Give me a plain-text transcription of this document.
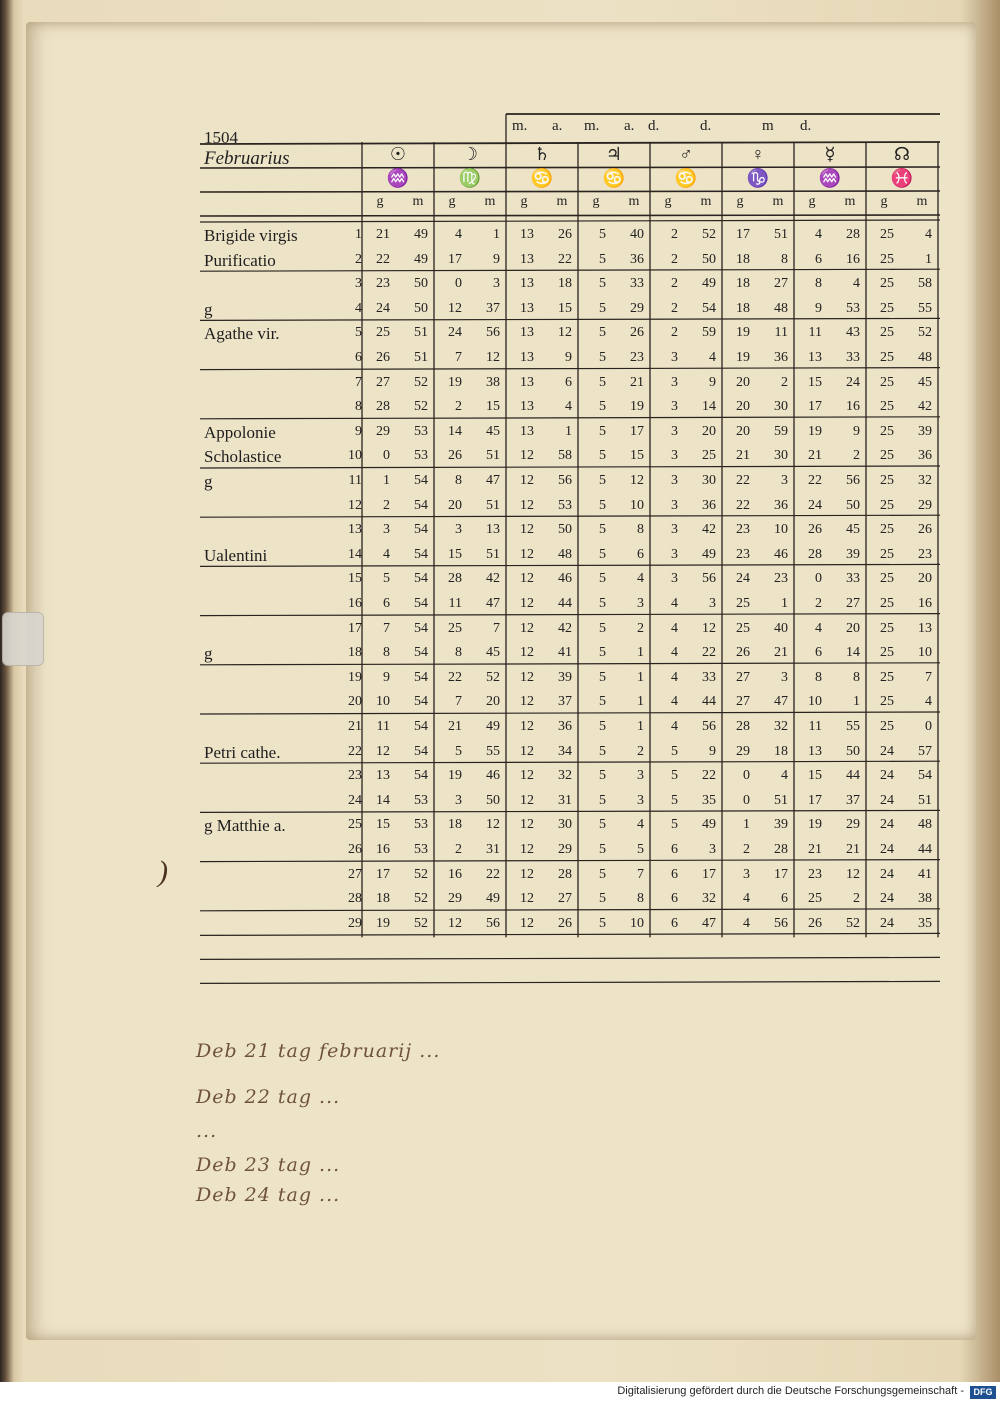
1504
Februarius
m. a. m. a. d.	d.	m d.
☉	☽	♄	♃	♂	♀	☿	☊
♒	♍	♋	♋	♋	♑	♒	♓
g	m	g	m	g	m	g	m	g	m	g	m	g	m	g	m
Brigide virgis	1	21	49	4	1	13	26	5	40	2	52	17	51	4	28	25	4
Purificatio	2	22	49	17	9	13	22	5	36	2	50	18	8	6	16	25	1
3	23	50	0	3	13	18	5	33	2	49	18	27	8	4	25	58
g	4	24	50	12	37	13	15	5	29	2	54	18	48	9	53	25	55
Agathe vir.	5	25	51	24	56	13	12	5	26	2	59	19	11	11	43	25	52
6	26	51	7	12	13	9	5	23	3	4	19	36	13	33	25	48
7	27	52	19	38	13	6	5	21	3	9	20	2	15	24	25	45
8	28	52	2	15	13	4	5	19	3	14	20	30	17	16	25	42
Appolonie	9	29	53	14	45	13	1	5	17	3	20	20	59	19	9	25	39
Scholastice	10	0	53	26	51	12	58	5	15	3	25	21	30	21	2	25	36
g	11	1	54	8	47	12	56	5	12	3	30	22	3	22	56	25	32
12	2	54	20	51	12	53	5	10	3	36	22	36	24	50	25	29
13	3	54	3	13	12	50	5	8	3	42	23	10	26	45	25	26
Ualentini	14	4	54	15	51	12	48	5	6	3	49	23	46	28	39	25	23
15	5	54	28	42	12	46	5	4	3	56	24	23	0	33	25	20
16	6	54	11	47	12	44	5	3	4	3	25	1	2	27	25	16
17	7	54	25	7	12	42	5	2	4	12	25	40	4	20	25	13
g	18	8	54	8	45	12	41	5	1	4	22	26	21	6	14	25	10
19	9	54	22	52	12	39	5	1	4	33	27	3	8	8	25	7
20	10	54	7	20	12	37	5	1	4	44	27	47	10	1	25	4
21	11	54	21	49	12	36	5	1	4	56	28	32	11	55	25	0
Petri cathe.	22	12	54	5	55	12	34	5	2	5	9	29	18	13	50	24	57
23	13	54	19	46	12	32	5	3	5	22	0	4	15	44	24	54
24	14	53	3	50	12	31	5	3	5	35	0	51	17	37	24	51
g Matthie a.	25	15	53	18	12	12	30	5	4	5	49	1	39	19	29	24	48
26	16	53	2	31	12	29	5	5	6	3	2	28	21	21	24	44
27	17	52	16	22	12	28	5	7	6	17	3	17	23	12	24	41
28	18	52	29	49	12	27	5	8	6	32	4	6	25	2	24	38
29	19	52	12	56	12	26	5	10	6	47	4	56	26	52	24	35
)
Deb 21 tag februarij ...
Deb 22 tag ...
...
Deb 23 tag ...
Deb 24 tag ...
Digitalisierung gefördert durch die Deutsche Forschungsgemeinschaft -	DFG
